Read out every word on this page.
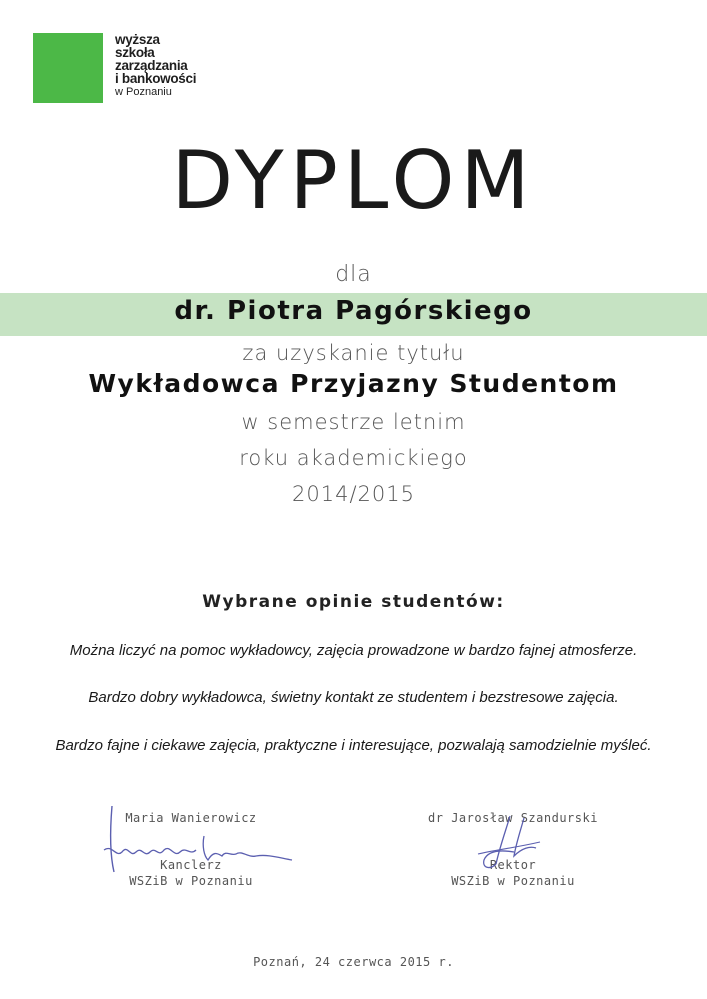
wyższa
szkoła
zarządzania
i bankowości
w Poznaniu
DYPLOM
dla
dr. Piotra Pagórskiego
za uzyskanie tytułu
Wykładowca Przyjazny Studentom
w semestrze letnim
roku akademickiego
2014/2015
Wybrane opinie studentów:
Można liczyć na pomoc wykładowcy, zajęcia prowadzone w bardzo fajnej atmosferze.
Bardzo dobry wykładowca, świetny kontakt ze studentem i bezstresowe zajęcia.
Bardzo fajne i ciekawe zajęcia, praktyczne i interesujące, pozwalają samodzielnie myśleć.
Maria Wanierowicz
Kanclerz
WSZiB w Poznaniu
dr Jarosław Szandurski
Rektor
WSZiB w Poznaniu
Poznań, 24 czerwca 2015 r.
